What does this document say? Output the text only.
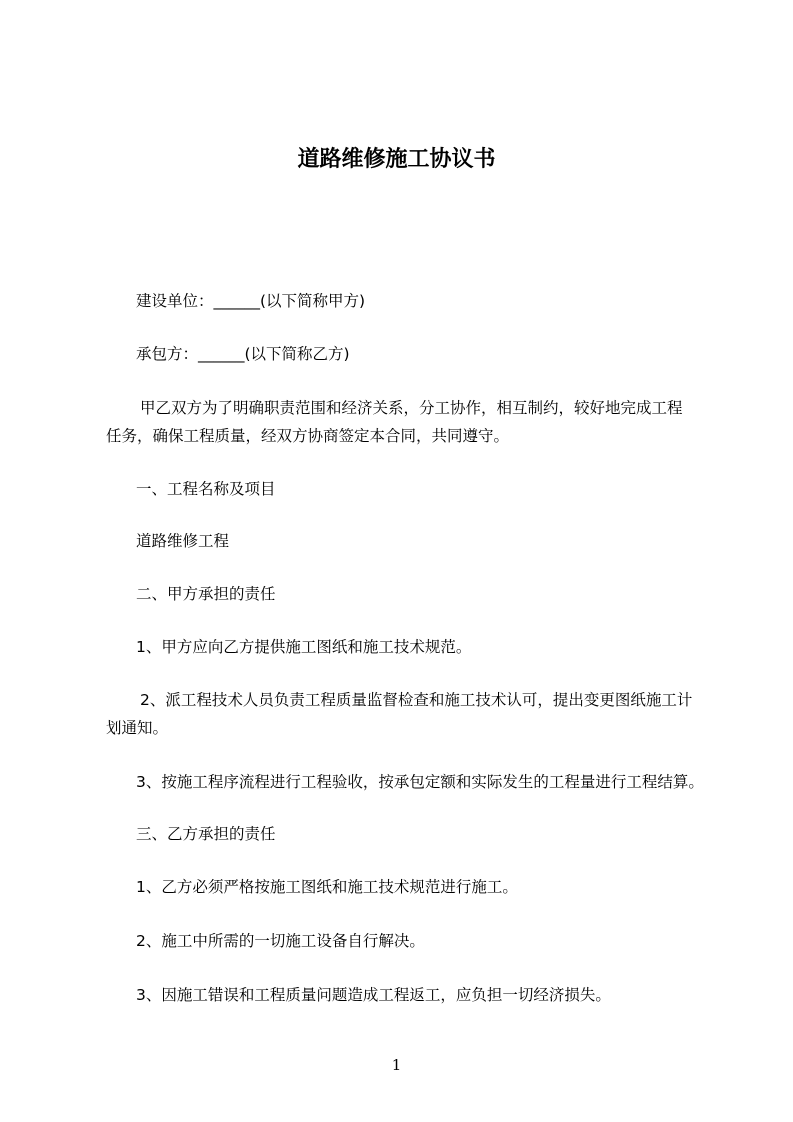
道路维修施工协议书
建设单位：______(以下简称甲方)
承包方：______(以下简称乙方)
甲乙双方为了明确职责范围和经济关系，分工协作，相互制约，较好地完成工程
任务，确保工程质量，经双方协商签定本合同，共同遵守。
一、工程名称及项目
道路维修工程
二、甲方承担的责任
1、甲方应向乙方提供施工图纸和施工技术规范。
2、派工程技术人员负责工程质量监督检查和施工技术认可，提出变更图纸施工计
划通知。
3、按施工程序流程进行工程验收，按承包定额和实际发生的工程量进行工程结算。
三、乙方承担的责任
1、乙方必须严格按施工图纸和施工技术规范进行施工。
2、施工中所需的一切施工设备自行解决。
3、因施工错误和工程质量问题造成工程返工，应负担一切经济损失。
1
